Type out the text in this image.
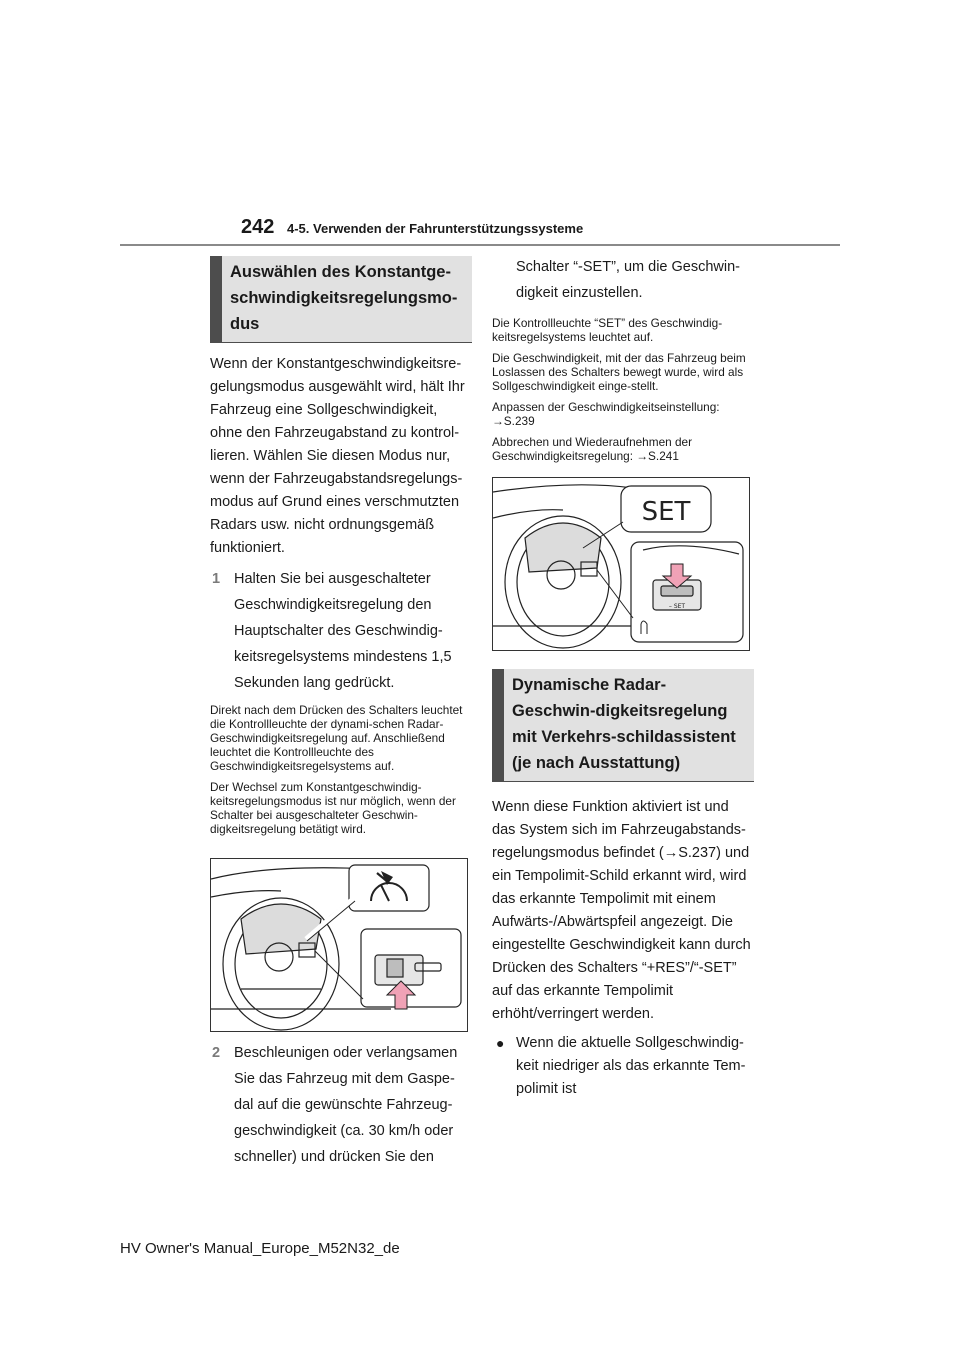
242 4-5. Verwenden der Fahrunterstützungssysteme
Auswählen des Konstantge-schwindigkeitsregelungsmo-dus

Wenn der Konstantgeschwindigkeitsre-gelungsmodus ausgewählt wird, hält Ihr Fahrzeug eine Sollgeschwindigkeit, ohne den Fahrzeugabstand zu kontrol-lieren. Wählen Sie diesen Modus nur, wenn der Fahrzeugabstandsregelungs-modus auf Grund eines verschmutzten Radars usw. nicht ordnungsgemäß funktioniert.

1 Halten Sie bei ausgeschalteter Geschwindigkeitsregelung den Hauptschalter des Geschwindig-keitsregelsystems mindestens 1,5 Sekunden lang gedrückt.

Direkt nach dem Drücken des Schalters leuchtet die Kontrollleuchte der dynami-schen Radar-Geschwindigkeitsregelung auf. Anschließend leuchtet die Kontrollleuchte des Geschwindigkeitsregelsystems auf.

Der Wechsel zum Konstantgeschwindig-keitsregelungsmodus ist nur möglich, wenn der Schalter bei ausgeschalteter Geschwin-digkeitsregelung betätigt wird.

2 Beschleunigen oder verlangsamen Sie das Fahrzeug mit dem Gaspe-dal auf die gewünschte Fahrzeug-geschwindigkeit (ca. 30 km/h oder schneller) und drücken Sie den
Schalter “-SET”, um die Geschwin-digkeit einzustellen.

Die Kontrollleuchte “SET” des Geschwindig-keitsregelsystems leuchtet auf.

Die Geschwindigkeit, mit der das Fahrzeug beim Loslassen des Schalters bewegt wurde, wird als Sollgeschwindigkeit einge-stellt.

Anpassen der Geschwindigkeitseinstellung:
→S.239

Abbrechen und Wiederaufnehmen der Geschwindigkeitsregelung: →S.241

SET
– SET
Dynamische Radar-Geschwin-digkeitsregelung mit Verkehrs-schildassistent (je nach Ausstattung)

Wenn diese Funktion aktiviert ist und das System sich im Fahrzeugabstands-regelungsmodus befindet (→S.237) und ein Tempolimit-Schild erkannt wird, wird das erkannte Tempolimit mit einem Aufwärts-/Abwärtspfeil angezeigt. Die eingestellte Geschwindigkeit kann durch Drücken des Schalters “+RES”/“-SET” auf das erkannte Tempolimit erhöht/verringert werden.

● Wenn die aktuelle Sollgeschwindig-keit niedriger als das erkannte Tem-polimit ist
HV Owner's Manual_Europe_M52N32_de
